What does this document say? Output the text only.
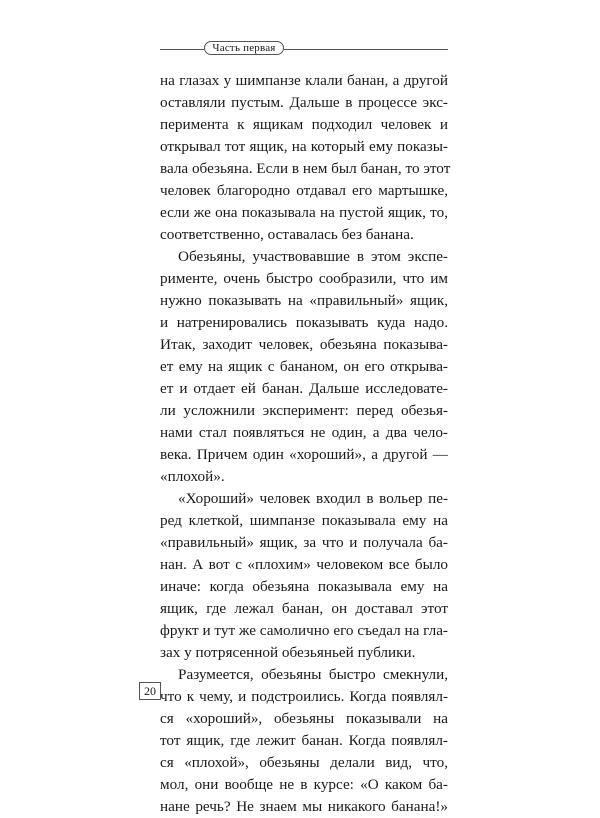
Часть первая
на глазах у шимпанзе клали банан, а другой
оставляли пустым. Дальше в процессе экс-
перимента к ящикам подходил человек и
открывал тот ящик, на который ему показы-
вала обезьяна. Если в нем был банан, то этот
человек благородно отдавал его мартышке,
если же она показывала на пустой ящик, то,
соответственно, оставалась без банана.
Обезьяны, участвовавшие в этом экспе-
рименте, очень быстро сообразили, что им
нужно показывать на «правильный» ящик,
и натренировались показывать куда надо.
Итак, заходит человек, обезьяна показыва-
ет ему на ящик с бананом, он его открыва-
ет и отдает ей банан. Дальше исследовате-
ли усложнили эксперимент: перед обезья-
нами стал появляться не один, а два чело-
века. Причем один «хороший», а другой —
«плохой».
«Хороший» человек входил в вольер пе-
ред клеткой, шимпанзе показывала ему на
«правильный» ящик, за что и получала ба-
нан. А вот с «плохим» человеком все было
иначе: когда обезьяна показывала ему на
ящик, где лежал банан, он доставал этот
фрукт и тут же самолично его съедал на гла-
зах у потрясенной обезьяньей публики.
Разумеется, обезьяны быстро смекнули,
что к чему, и подстроились. Когда появлял-
ся «хороший», обезьяны показывали на
тот ящик, где лежит банан. Когда появлял-
ся «плохой», обезьяны делали вид, что,
мол, они вообще не в курсе: «О каком ба-
нане речь? Не знаем мы никакого банана!»
20
